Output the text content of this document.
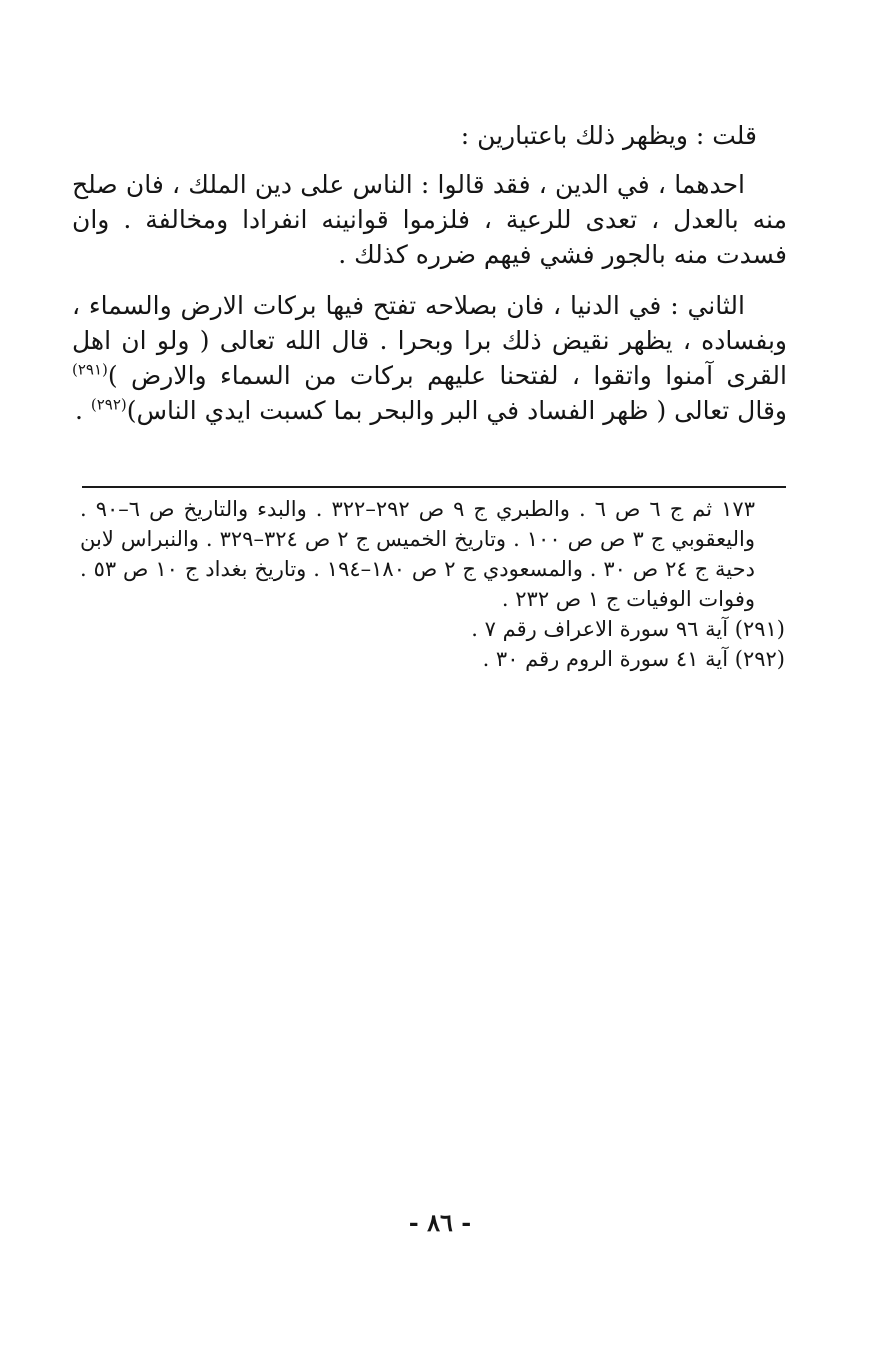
قلت : ويظهر ذلك باعتبارين :

احدهما ، في الدين ، فقد قالوا : الناس على دين الملك ، فان صلح منه بالعدل ، تعدى للرعية ، فلزموا قوانينه انفرادا ومخالفة . وان فسدت منه بالجور فشي فيهم ضرره كذلك .

الثاني : في الدنيا ، فان بصلاحه تفتح فيها بركات الارض والسماء ، وبفساده ، يظهر نقيض ذلك برا وبحرا . قال الله تعالى ( ولو ان اهل القرى آمنوا واتقوا ، لفتحنا عليهم بركات من السماء والارض )$^{(٢٩١)}$ وقال تعالى ( ظهر الفساد في البر والبحر بما كسبت ايدي الناس)$^{(٢٩٢)}$ .

١٧٣ ثم ج ٦ ص ٦ . والطبري ج ٩ ص ٢٩٢–٣٢٢ . والبدء والتاريخ ص ٦–٩٠ . واليعقوبي ج ٣ ص ص ١٠٠ . وتاريخ الخميس ج ٢ ص ٣٢٤–٣٢٩ . والنبراس لابن دحية ج ٢٤ ص ٣٠ . والمسعودي ج ٢ ص ١٨٠–١٩٤ . وتاريخ بغداد ج ١٠ ص ٥٣ . وفوات الوفيات ج ١ ص ٢٣٢ .

(٢٩١) آية ٩٦ سورة الاعراف رقم ٧ .

(٢٩٢) آية ٤١ سورة الروم رقم ٣٠ .

- ٨٦ -
